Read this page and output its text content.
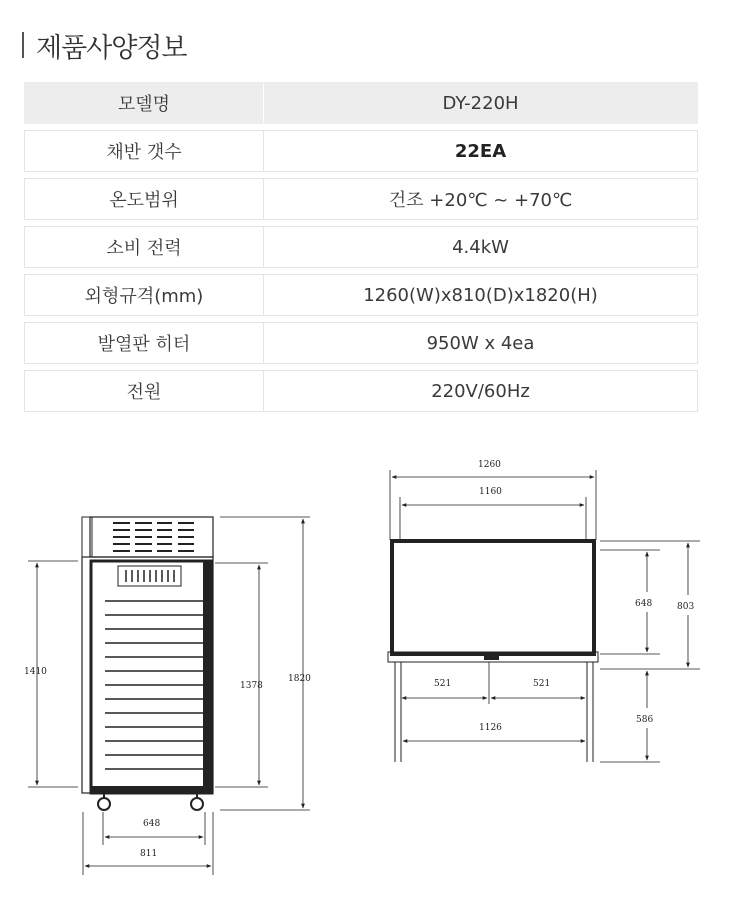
제품사양정보
모델명	DY-220H
채반 갯수	22EA
온도범위	건조 +20℃ ~ +70℃
소비 전력	4.4kW
외형규격(mm)	1260(W)x810(D)x1820(H)
발열판 히터	950W x 4ea
전원	220V/60Hz
1410
1378
1820
648
811
1260
1160
521	521
1126
648	803
586
